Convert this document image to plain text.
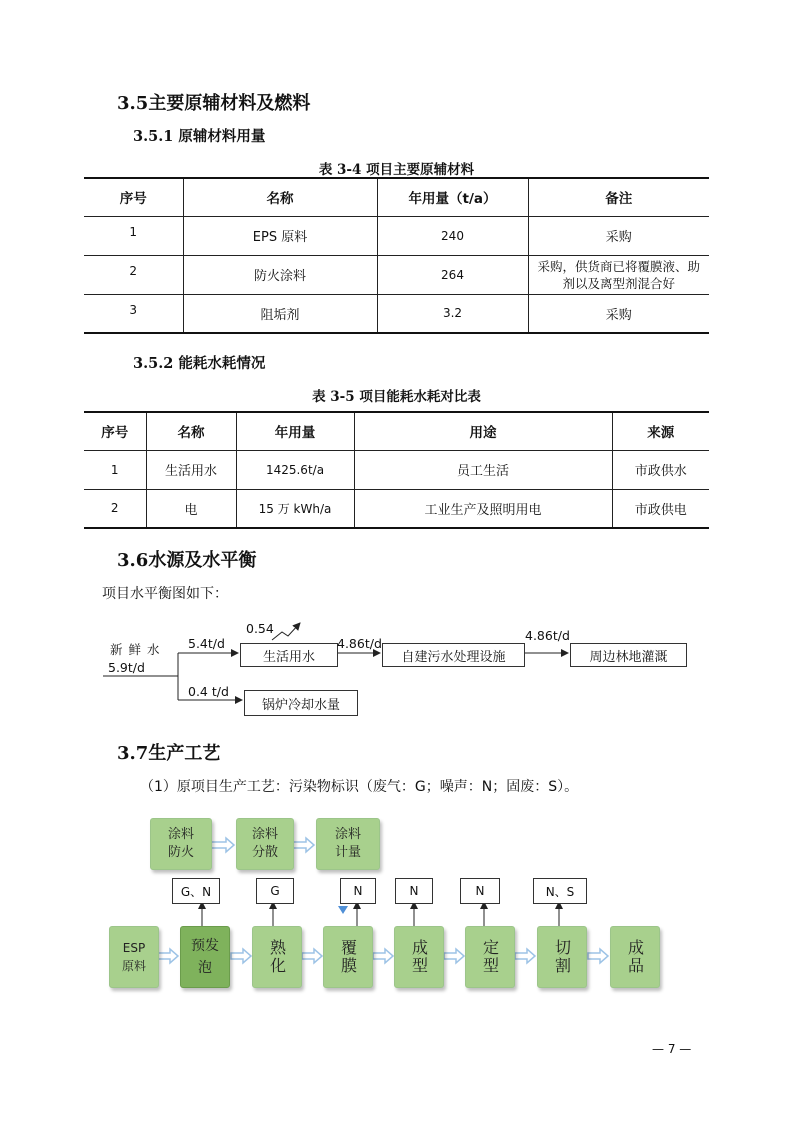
3.5主要原辅材料及燃料
3.5.1 原辅材料用量
表 3-4 项目主要原辅材料
序号	名称	年用量（t/a）	备注
1	EPS 原料	240	采购
2	防火涂料	264	采购，供货商已将覆膜液、助剂以及离型剂混合好
3	阻垢剂	3.2	采购
3.5.2 能耗水耗情况
表 3-5 项目能耗水耗对比表
序号	名称	年用量	用途	来源
1	生活用水	1425.6t/a	员工生活	市政供水
2	电	15 万 kWh/a	工业生产及照明用电	市政供电
3.6水源及水平衡
项目水平衡图如下：
新 鲜 水
5.9t/d
5.4t/d
0.54
生活用水
4.86t/d
自建污水处理设施
4.86t/d
周边林地灌溉
0.4 t/d
锅炉冷却水量
3.7生产工艺
（1）原项目生产工艺：污染物标识（废气：G；噪声：N；固废：S）。
涂料
防火
涂料
分散
涂料
计量
G、N	G	N	N	N	N、S
ESP
原料
预发
泡	熟化	覆膜	成型	定型	切割	成品
— 7 —
